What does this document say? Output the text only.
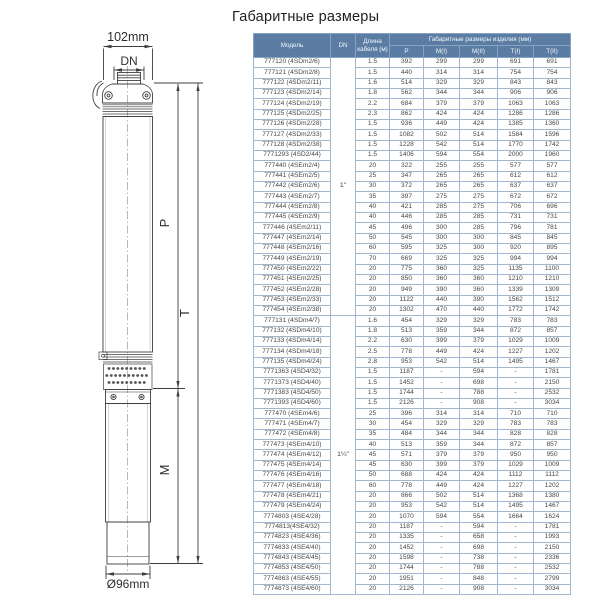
Габаритные размеры
102mm
DN
P
T
M
Ø96mm
Модель	DN	Длина кабеля (м)	Габаритные размеры изделия (мм)				
			P	M(I)	M(II)	T(I)	T(II)
777120 (4SDm2/6)	1"	1.5	392	299	299	691	691
777121 (4SDm2/8)		1.5	440	314	314	754	754
777122 (4SDm2/11)		1.6	514	329	329	843	843
777123 (4SDm2/14)		1.8	562	344	344	906	906
777124 (4SDm2/19)		2.2	684	379	379	1063	1063
777125 (4SDm2/25)		2.3	862	424	424	1286	1286
777126 (4SDm2/28)		1.5	936	449	424	1385	1360
777127 (4SDm2/33)		1.5	1082	502	514	1584	1596
777128 (4SDm2/38)		1.5	1228	542	514	1770	1742
7771293 (4SD2/44)		1.5	1406	594	554	2000	1960
777440 (4SEm2/4)		20	322	255	255	577	577
777441 (4SEm2/5)		25	347	265	265	612	612
777442 (4SEm2/6)		30	372	265	265	637	637
777443 (4SEm2/7)		35	397	275	275	672	672
777444 (4SEm2/8)		40	421	285	275	706	696
777445 (4SEm2/9)		40	446	285	285	731	731
777446 (4SEm2/11)		45	496	300	285	796	781
777447 (4SEm2/14)		50	545	300	300	845	845
777448 (4SEm2/16)		60	595	325	300	920	895
777449 (4SEm2/19)		70	669	325	325	994	994
777450 (4SEm2/22)		20	775	360	325	1135	1100
777451 (4SEm2/25)		20	850	360	360	1210	1210
777452 (4SEm2/28)		20	949	390	360	1339	1309
777453 (4SEm2/33)		20	1122	440	390	1562	1512
777454 (4SEm2/38)		20	1302	470	440	1772	1742
777131 (4SDm4/7)	1¼"	1.6	454	329	329	783	783
777132 (4SDm4/10)		1.8	513	359	344	872	857
777133 (4SDm4/14)		2.2	630	399	379	1029	1009
777134 (4SDm4/18)		2.5	778	449	424	1227	1202
777135 (4SDm4/24)		2.8	953	542	514	1495	1467
7771363 (4SD4/32)		1.5	1187	-	594	-	1781
7771373 (4SD4/40)		1.5	1452	-	698	-	2150
7771383 (4SD4/50)		1.5	1744	-	788	-	2532
7771393 (4SD4/60)		1.5	2126	-	908	-	3034
777470 (4SEm4/6)		25	396	314	314	710	710
777471 (4SEm4/7)		30	454	329	329	783	783
777472 (4SEm4/8)		35	484	344	344	828	828
777473 (4SEm4/10)		40	513	359	344	872	857
777474 (4SEm4/12)		45	571	379	379	950	950
777475 (4SEm4/14)		45	630	399	379	1029	1009
777476 (4SEm4/16)		50	688	424	424	1112	1112
777477 (4SEm4/18)		60	778	449	424	1227	1202
777478 (4SEm4/21)		20	866	502	514	1368	1380
777479 (4SEm4/24)		20	953	542	514	1495	1467
7774803 (4SE4/28)		20	1070	594	554	1664	1624
7774813(4SE4/32)		20	1187	-	594	-	1781
7774823 (4SE4/36)		20	1335	-	658	-	1993
7774833 (4SE4/40)		20	1452	-	698	-	2150
7774843 (4SE4/45)		20	1598	-	738	-	2336
7774853 (4SE4/50)		20	1744	-	788	-	2532
7774863 (4SE4/55)		20	1951	-	848	-	2799
7774873 (4SE4/60)		20	2126	-	908	-	3034
